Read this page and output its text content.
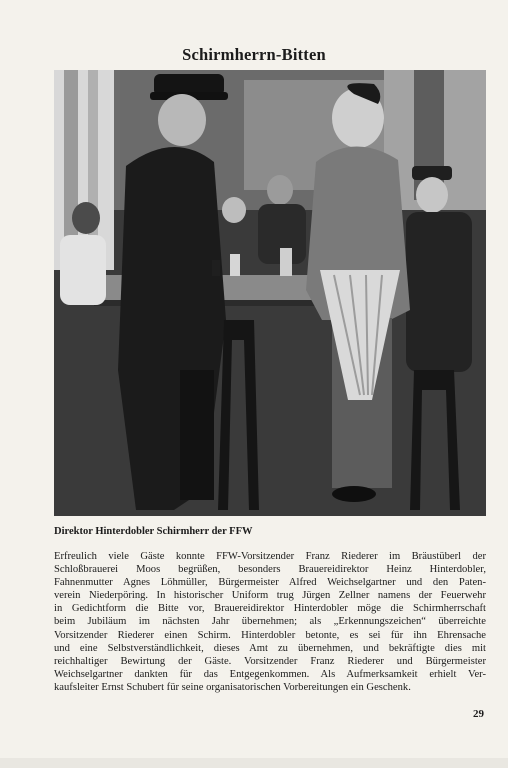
Schirmherrn-Bitten
Direktor Hinterdobler Schirmherr der FFW
Erfreulich viele Gäste konnte FFW-Vorsitzender Franz Riederer im Bräustüberl der
Schloßbrauerei Moos begrüßen, besonders Brauereidirektor Heinz Hinterdobler,
Fahnenmutter Agnes Löhmüller, Bürgermeister Alfred Weichselgartner und den Paten-
verein Niederpöring. In historischer Uniform trug Jürgen Zellner namens der Feuerwehr
in Gedichtform die Bitte vor, Brauereidirektor Hinterdobler möge die Schirmherrschaft
beim Jubiläum im nächsten Jahr übernehmen; als „Erkennungszeichen“ überreichte
Vorsitzender Riederer einen Schirm. Hinterdobler betonte, es sei für ihn Ehrensache
und eine Selbstverständlichkeit, dieses Amt zu übernehmen, und bekräftigte dies mit
reichhaltiger Bewirtung der Gäste. Vorsitzender Franz Riederer und Bürgermeister
Weichselgartner dankten für das Entgegenkommen. Als Aufmerksamkeit erhielt Ver-
kaufsleiter Ernst Schubert für seine organisatorischen Vorbereitungen ein Geschenk.
29
